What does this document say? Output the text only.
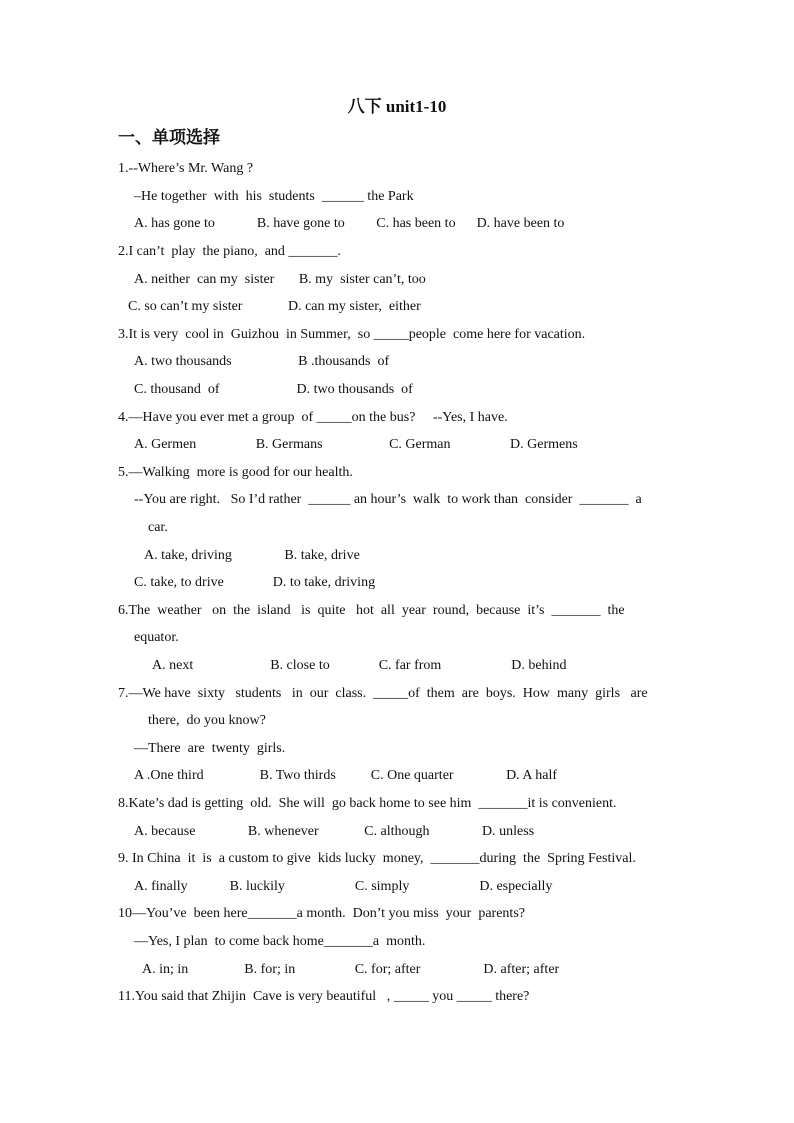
八下 unit1-10
一、单项选择
1.--Where’s Mr. Wang ?
–He together  with  his  students  ______ the Park
A. has gone to            B. have gone to         C. has been to      D. have been to
2.I can’t  play  the piano,  and _______.
A. neither  can my  sister       B. my  sister can’t, too
C. so can’t my sister             D. can my sister,  either
3.It is very  cool in  Guizhou  in Summer,  so _____people  come here for vacation.
A. two thousands                   B .thousands  of
C. thousand  of                      D. two thousands  of
4.—Have you ever met a group  of _____on the bus?     --Yes, I have.
A. Germen                 B. Germans                   C. German                 D. Germens
5.—Walking  more is good for our health.
--You are right.   So I’d rather  ______ an hour’s  walk  to work than  consider  _______  a
car.
A. take, driving               B. take, drive
C. take, to drive              D. to take, driving
6.The  weather   on  the  island   is  quite   hot  all  year  round,  because  it’s  _______  the
equator.
A. next                      B. close to              C. far from                    D. behind
7.—We have  sixty   students   in  our  class.  _____of  them  are  boys.  How  many  girls   are
there,  do you know?
—There  are  twenty  girls.
A .One third                B. Two thirds          C. One quarter               D. A half
8.Kate’s dad is getting  old.  She will  go back home to see him  _______it is convenient.
A. because               B. whenever             C. although               D. unless
9. In China  it  is  a custom to give  kids lucky  money,  _______during  the  Spring Festival.
A. finally            B. luckily                    C. simply                    D. especially
10—You’ve  been here_______a month.  Don’t you miss  your  parents?
—Yes, I plan  to come back home_______a  month.
A. in; in                B. for; in                 C. for; after                  D. after; after
11.You said that Zhijin  Cave is very beautiful   , _____ you _____ there?
